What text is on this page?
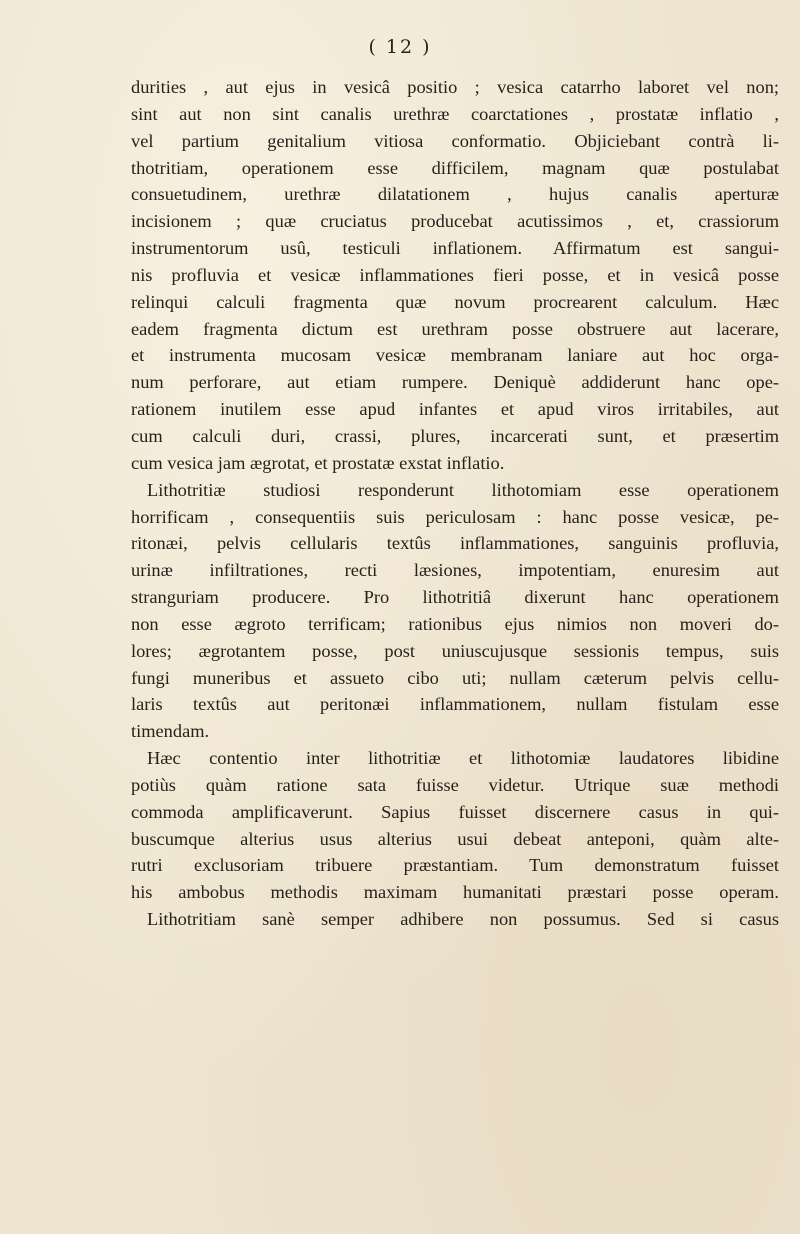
( 12 )

durities , aut ejus in vesicâ positio ; vesica catarrho laboret vel non;
sint aut non sint canalis urethræ coarctationes , prostatæ inflatio ,
vel partium genitalium vitiosa conformatio. Objiciebant contrà li-
thotritiam, operationem esse difficilem, magnam quæ postulabat
consuetudinem, urethræ dilatationem , hujus canalis aperturæ
incisionem ; quæ cruciatus producebat acutissimos , et, crassiorum
instrumentorum usû, testiculi inflationem. Affirmatum est sangui-
nis profluvia et vesicæ inflammationes fieri posse, et in vesicâ posse
relinqui calculi fragmenta quæ novum procrearent calculum. Hæc
eadem fragmenta dictum est urethram posse obstruere aut lacerare,
et instrumenta mucosam vesicæ membranam laniare aut hoc orga-
num perforare, aut etiam rumpere. Deniquè addiderunt hanc ope-
rationem inutilem esse apud infantes et apud viros irritabiles, aut
cum calculi duri, crassi, plures, incarcerati sunt, et præsertim
cum vesica jam ægrotat, et prostatæ exstat inflatio.
Lithotritiæ studiosi responderunt lithotomiam esse operationem
horrificam , consequentiis suis periculosam : hanc posse vesicæ, pe-
ritonæi, pelvis cellularis textûs inflammationes, sanguinis profluvia,
urinæ infiltrationes, recti læsiones, impotentiam, enuresim aut
stranguriam producere. Pro lithotritiâ dixerunt hanc operationem
non esse ægroto terrificam; rationibus ejus nimios non moveri do-
lores; ægrotantem posse, post uniuscujusque sessionis tempus, suis
fungi muneribus et assueto cibo uti; nullam cæterum pelvis cellu-
laris textûs aut peritonæi inflammationem, nullam fistulam esse
timendam.
Hæc contentio inter lithotritiæ et lithotomiæ laudatores libidine
potiùs quàm ratione sata fuisse videtur. Utrique suæ methodi
commoda amplificaverunt. Sapius fuisset discernere casus in qui-
buscumque alterius usus alterius usui debeat anteponi, quàm alte-
rutri exclusoriam tribuere præstantiam. Tum demonstratum fuisset
his ambobus methodis maximam humanitati præstari posse operam.
Lithotritiam sanè semper adhibere non possumus. Sed si casus
